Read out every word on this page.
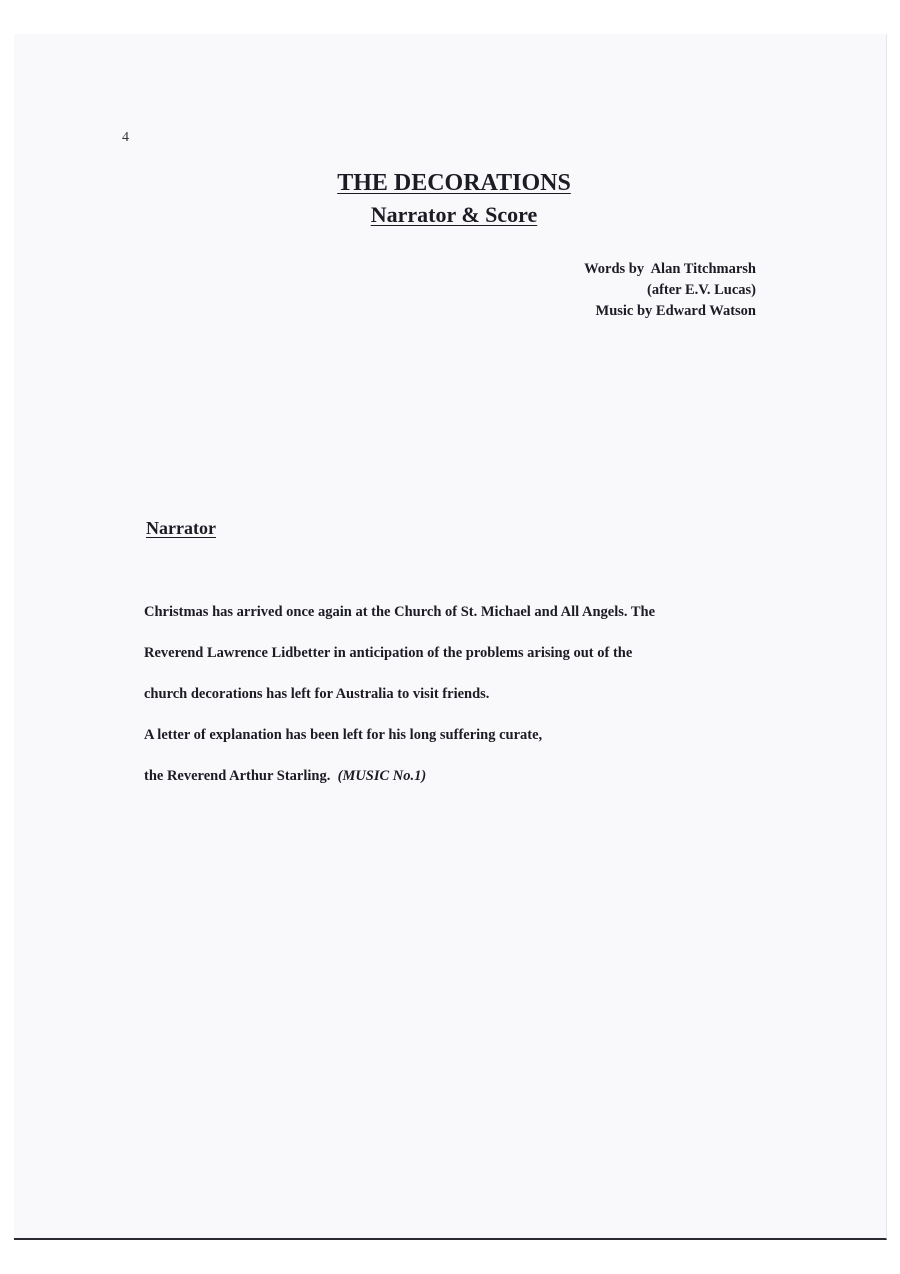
4
THE DECORATIONS
Narrator & Score
Words by  Alan Titchmarsh
(after E.V. Lucas)
Music by Edward Watson
Narrator
Christmas has arrived once again at the Church of St. Michael and All Angels. The
Reverend Lawrence Lidbetter in anticipation of the problems arising out of the
church decorations has left for Australia to visit friends.
A letter of explanation has been left for his long suffering curate,
the Reverend Arthur Starling. (MUSIC No.1)
